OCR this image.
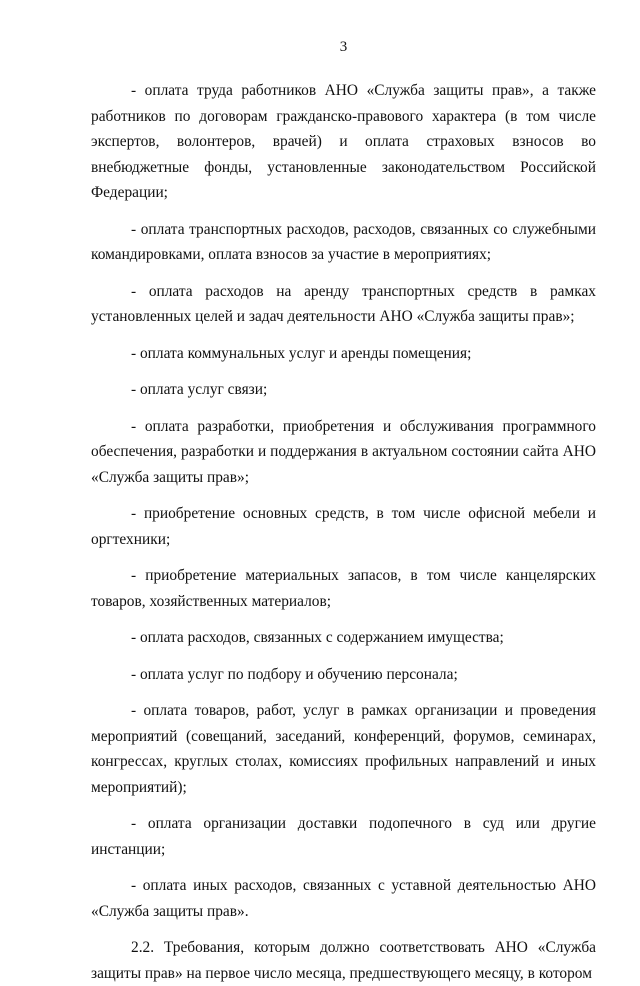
3

- оплата труда работников АНО «Служба защиты прав», а также работников по договорам гражданско-правового характера (в том числе экспертов, волонтеров, врачей) и оплата страховых взносов во внебюджетные фонды, установленные законодательством Российской Федерации;

- оплата транспортных расходов, расходов, связанных со служебными командировками, оплата взносов за участие в мероприятиях;

- оплата расходов на аренду транспортных средств в рамках установленных целей и задач деятельности АНО «Служба защиты прав»;

- оплата коммунальных услуг и аренды помещения;

- оплата услуг связи;

- оплата разработки, приобретения и обслуживания программного обеспечения, разработки и поддержания в актуальном состоянии сайта АНО «Служба защиты прав»;

- приобретение основных средств, в том числе офисной мебели и оргтехники;

- приобретение материальных запасов, в том числе канцелярских товаров, хозяйственных материалов;

- оплата расходов, связанных с содержанием имущества;

- оплата услуг по подбору и обучению персонала;

- оплата товаров, работ, услуг в рамках организации и проведения мероприятий (совещаний, заседаний, конференций, форумов, семинарах, конгрессах, круглых столах, комиссиях профильных направлений и иных мероприятий);

- оплата организации доставки подопечного в суд или другие инстанции;

- оплата иных расходов, связанных с уставной деятельностью АНО «Служба защиты прав».

2.2. Требования, которым должно соответствовать АНО «Служба защиты прав» на первое число месяца, предшествующего месяцу, в котором
